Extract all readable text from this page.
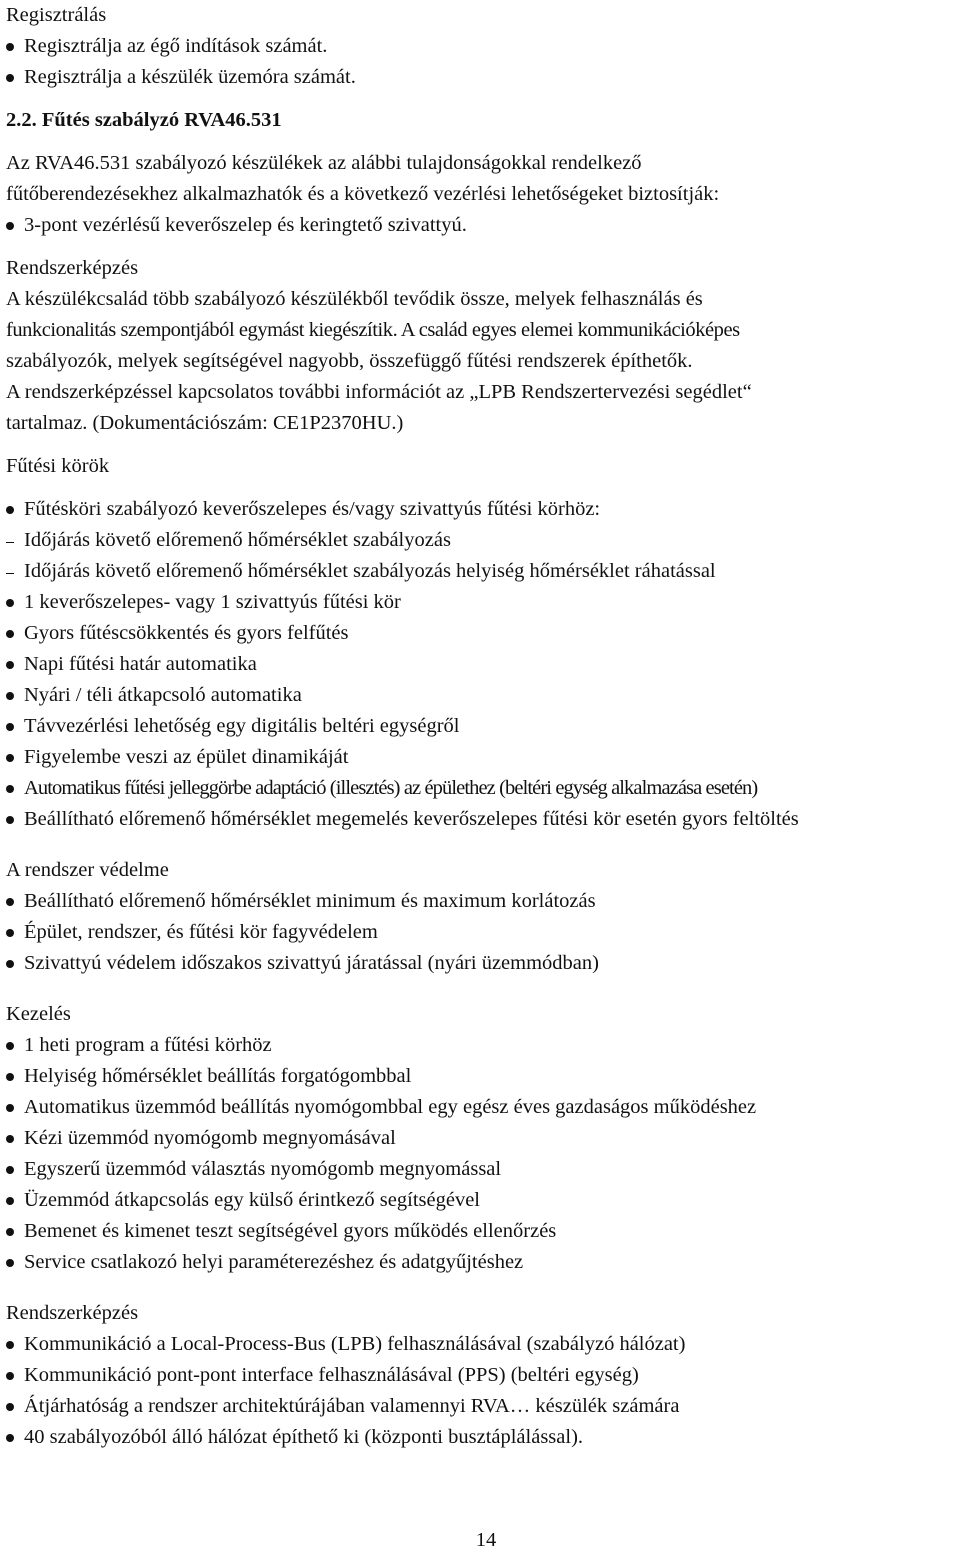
Regisztrálás
Regisztrálja az égő indítások számát.
Regisztrálja a készülék üzemóra számát.
2.2. Fűtés szabályzó RVA46.531
Az RVA46.531 szabályozó készülékek az alábbi tulajdonságokkal rendelkező
fűtőberendezésekhez alkalmazhatók és a következő vezérlési lehetőségeket biztosítják:
3-pont vezérlésű keverőszelep és keringtető szivattyú.
Rendszerképzés
A készülékcsalád több szabályozó készülékből tevődik össze, melyek felhasználás és
funkcionalitás szempontjából egymást kiegészítik. A család egyes elemei kommunikációképes
szabályozók, melyek segítségével nagyobb, összefüggő fűtési rendszerek építhetők.
A rendszerképzéssel kapcsolatos további információt az „LPB Rendszertervezési segédlet“
tartalmaz. (Dokumentációszám: CE1P2370HU.)
Fűtési körök
Fűtésköri szabályozó keverőszelepes és/vagy szivattyús fűtési körhöz:
Időjárás követő előremenő hőmérséklet szabályozás
Időjárás követő előremenő hőmérséklet szabályozás helyiség hőmérséklet ráhatással
1 keverőszelepes- vagy 1 szivattyús fűtési kör
Gyors fűtéscsökkentés és gyors felfűtés
Napi fűtési határ automatika
Nyári / téli átkapcsoló automatika
Távvezérlési lehetőség egy digitális beltéri egységről
Figyelembe veszi az épület dinamikáját
Automatikus fűtési jelleggörbe adaptáció (illesztés) az épülethez (beltéri egység alkalmazása esetén)
Beállítható előremenő hőmérséklet megemelés keverőszelepes fűtési kör esetén gyors feltöltés
A rendszer védelme
Beállítható előremenő hőmérséklet minimum és maximum korlátozás
Épület, rendszer, és fűtési kör fagyvédelem
Szivattyú védelem időszakos szivattyú járatással (nyári üzemmódban)
Kezelés
1 heti program a fűtési körhöz
Helyiség hőmérséklet beállítás forgatógombbal
Automatikus üzemmód beállítás nyomógombbal egy egész éves gazdaságos működéshez
Kézi üzemmód nyomógomb megnyomásával
Egyszerű üzemmód választás nyomógomb megnyomással
Üzemmód átkapcsolás egy külső érintkező segítségével
Bemenet és kimenet teszt segítségével gyors működés ellenőrzés
Service csatlakozó helyi paraméterezéshez és adatgyűjtéshez
Rendszerképzés
Kommunikáció a Local-Process-Bus (LPB) felhasználásával (szabályzó hálózat)
Kommunikáció pont-pont interface felhasználásával (PPS) (beltéri egység)
Átjárhatóság a rendszer architektúrájában valamennyi RVA… készülék számára
40 szabályozóból álló hálózat építhető ki (központi busztáplálással).
14
